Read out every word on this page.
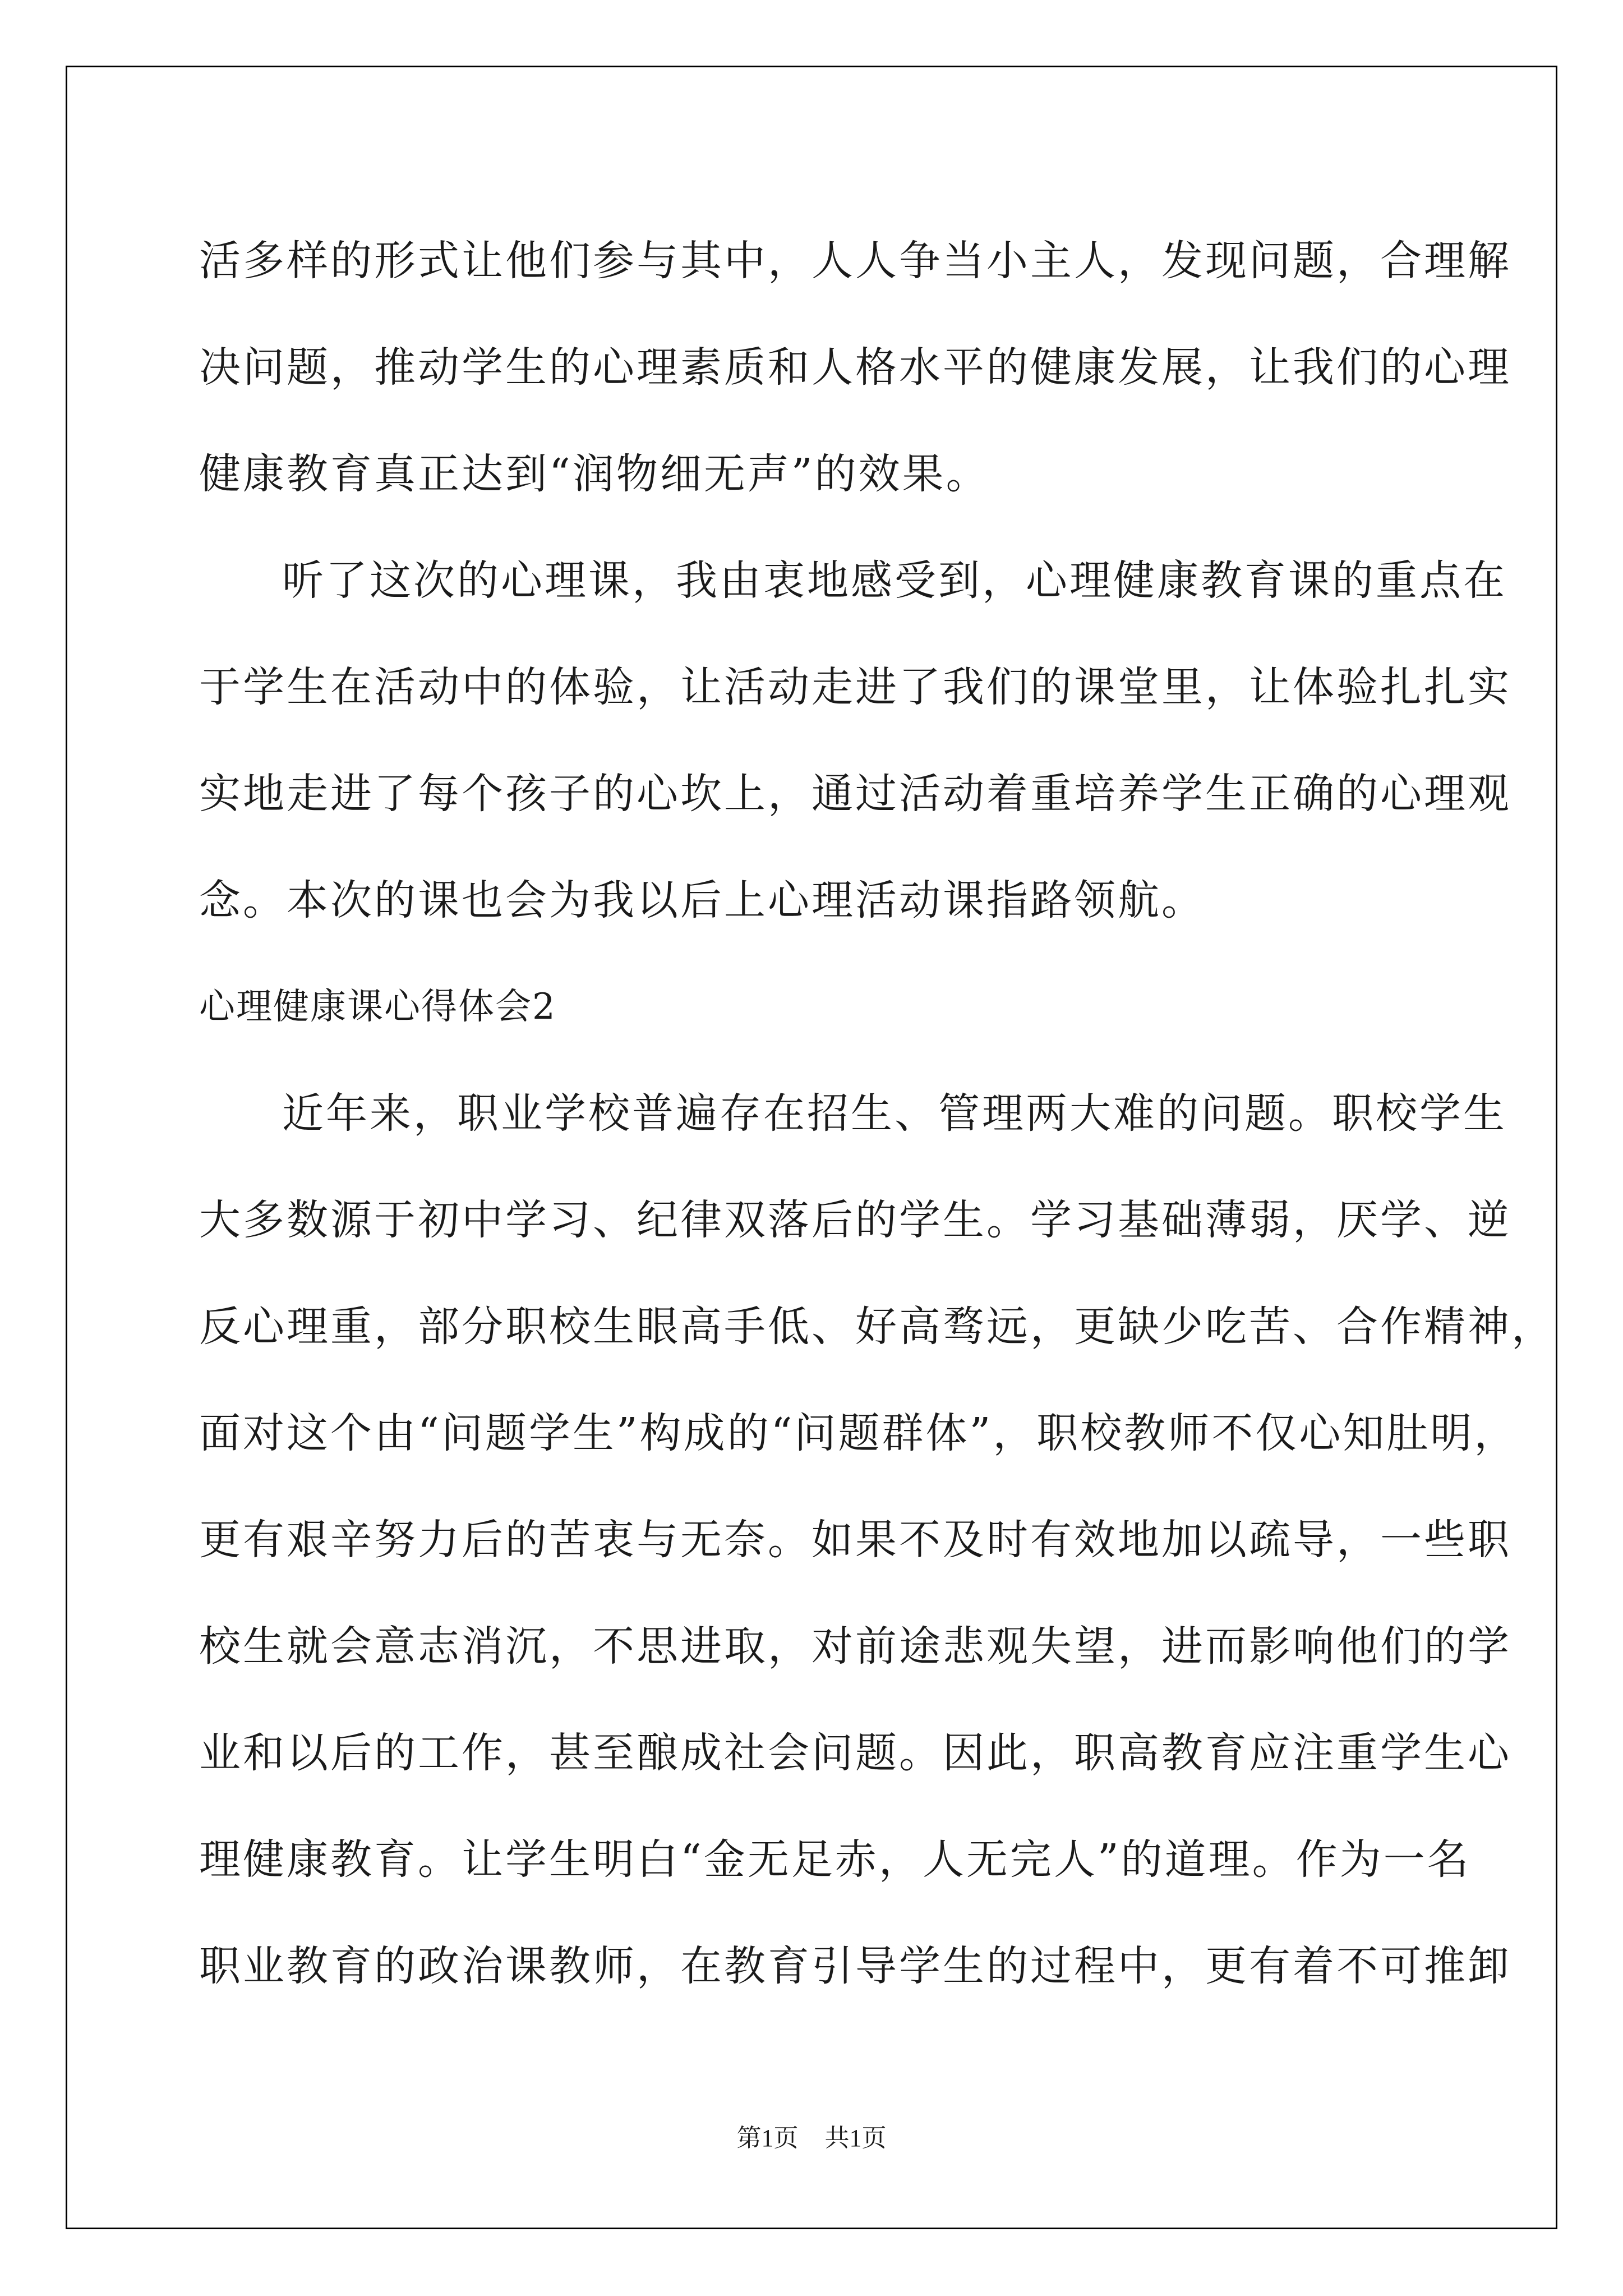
活多样的形式让他们参与其中，人人争当小主人，发现问题，合理解
决问题，推动学生的心理素质和人格水平的健康发展，让我们的心理
健康教育真正达到“润物细无声”的效果。
听了这次的心理课，我由衷地感受到，心理健康教育课的重点在
于学生在活动中的体验，让活动走进了我们的课堂里，让体验扎扎实
实地走进了每个孩子的心坎上，通过活动着重培养学生正确的心理观
念。本次的课也会为我以后上心理活动课指路领航。
心理健康课心得体会2
近年来，职业学校普遍存在招生、管理两大难的问题。职校学生
大多数源于初中学习、纪律双落后的学生。学习基础薄弱，厌学、逆
反心理重，部分职校生眼高手低、好高骛远，更缺少吃苦、合作精神，
面对这个由“问题学生”构成的“问题群体”，职校教师不仅心知肚明，
更有艰辛努力后的苦衷与无奈。如果不及时有效地加以疏导，一些职
校生就会意志消沉，不思进取，对前途悲观失望，进而影响他们的学
业和以后的工作，甚至酿成社会问题。因此，职高教育应注重学生心
理健康教育。让学生明白“金无足赤，人无完人”的道理。作为一名
职业教育的政治课教师，在教育引导学生的过程中，更有着不可推卸
第1页 共1页
